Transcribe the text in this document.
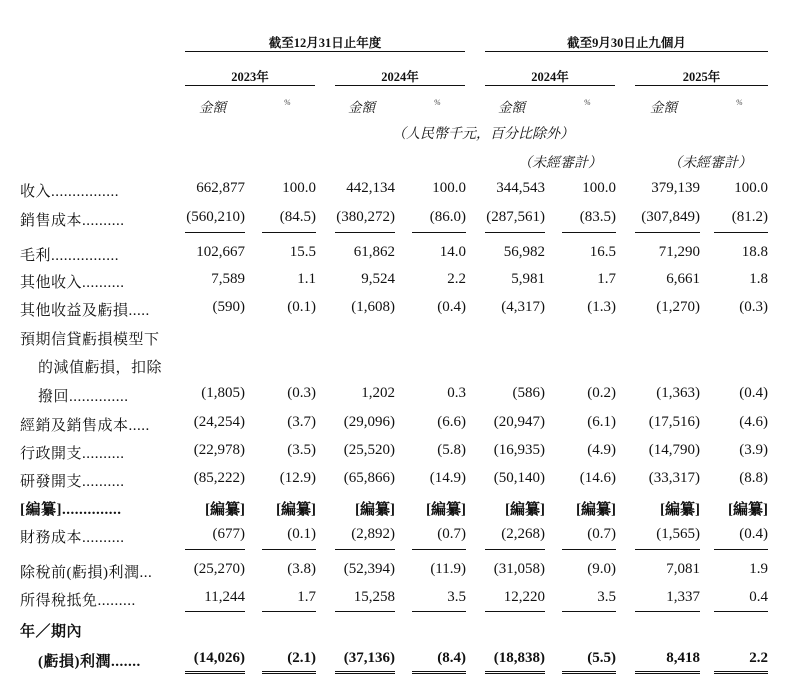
截至12月31日止年度	截至9月30日止九個月
2023年	2024年	2024年	2025年
金額	%	金額	%	金額	%	金額	%
（人民幣千元，百分比除外）
（未經審計）	（未經審計）
收入................	662,877	100.0	442,134	100.0	344,543	100.0	379,139	100.0
銷售成本..........	(560,210)	(84.5)	(380,272)	(86.0)	(287,561)	(83.5)	(307,849)	(81.2)
毛利................	102,667	15.5	61,862	14.0	56,982	16.5	71,290	18.8
其他收入..........	7,589	1.1	9,524	2.2	5,981	1.7	6,661	1.8
其他收益及虧損.....	(590)	(0.1)	(1,608)	(0.4)	(4,317)	(1.3)	(1,270)	(0.3)
預期信貸虧損模型下
的減值虧損，扣除
撥回..............	(1,805)	(0.3)	1,202	0.3	(586)	(0.2)	(1,363)	(0.4)
經銷及銷售成本.....	(24,254)	(3.7)	(29,096)	(6.6)	(20,947)	(6.1)	(17,516)	(4.6)
行政開支..........	(22,978)	(3.5)	(25,520)	(5.8)	(16,935)	(4.9)	(14,790)	(3.9)
研發開支..........	(85,222)	(12.9)	(65,866)	(14.9)	(50,140)	(14.6)	(33,317)	(8.8)
[編纂]..............	[編纂]	[編纂]	[編纂]	[編纂]	[編纂]	[編纂]	[編纂]	[編纂]
財務成本..........	(677)	(0.1)	(2,892)	(0.7)	(2,268)	(0.7)	(1,565)	(0.4)
除稅前(虧損)利潤...	(25,270)	(3.8)	(52,394)	(11.9)	(31,058)	(9.0)	7,081	1.9
所得稅抵免.........	11,244	1.7	15,258	3.5	12,220	3.5	1,337	0.4
年／期內
(虧損)利潤.......	(14,026)	(2.1)	(37,136)	(8.4)	(18,838)	(5.5)	8,418	2.2
